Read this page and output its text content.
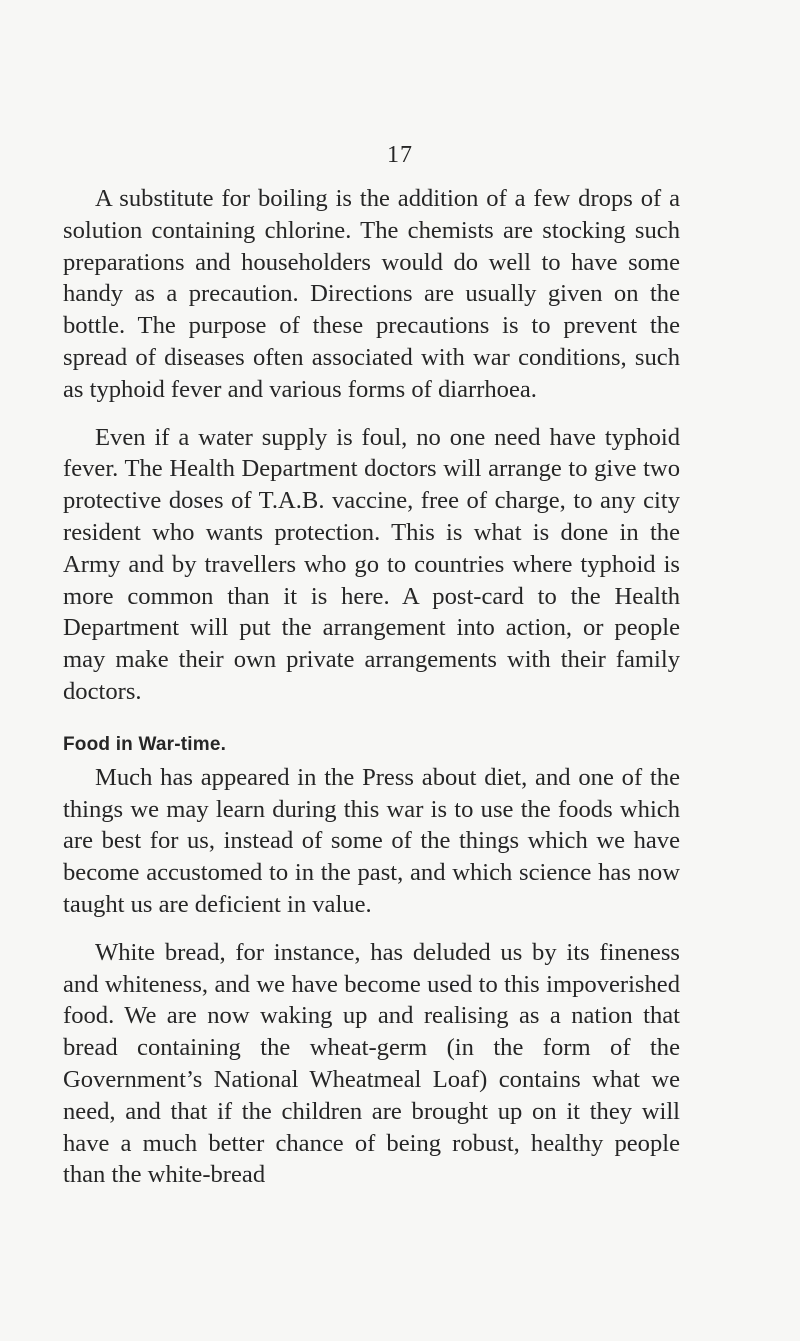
17

A substitute for boiling is the addition of a few drops of a solution containing chlorine. The chemists are stocking such preparations and householders would do well to have some handy as a precaution. Directions are usually given on the bottle. The purpose of these precautions is to prevent the spread of diseases often associated with war conditions, such as typhoid fever and various forms of diarrhoea.

Even if a water supply is foul, no one need have typhoid fever. The Health Department doctors will arrange to give two protective doses of T.A.B. vaccine, free of charge, to any city resident who wants protection. This is what is done in the Army and by travellers who go to countries where typhoid is more common than it is here. A post-card to the Health Department will put the arrangement into action, or people may make their own private arrangements with their family doctors.

Food in War-time.

Much has appeared in the Press about diet, and one of the things we may learn during this war is to use the foods which are best for us, instead of some of the things which we have become accustomed to in the past, and which science has now taught us are deficient in value.

White bread, for instance, has deluded us by its fineness and whiteness, and we have become used to this impoverished food. We are now waking up and realising as a nation that bread containing the wheat-germ (in the form of the Government’s National Wheatmeal Loaf) contains what we need, and that if the children are brought up on it they will have a much better chance of being robust, healthy people than the white-bread
